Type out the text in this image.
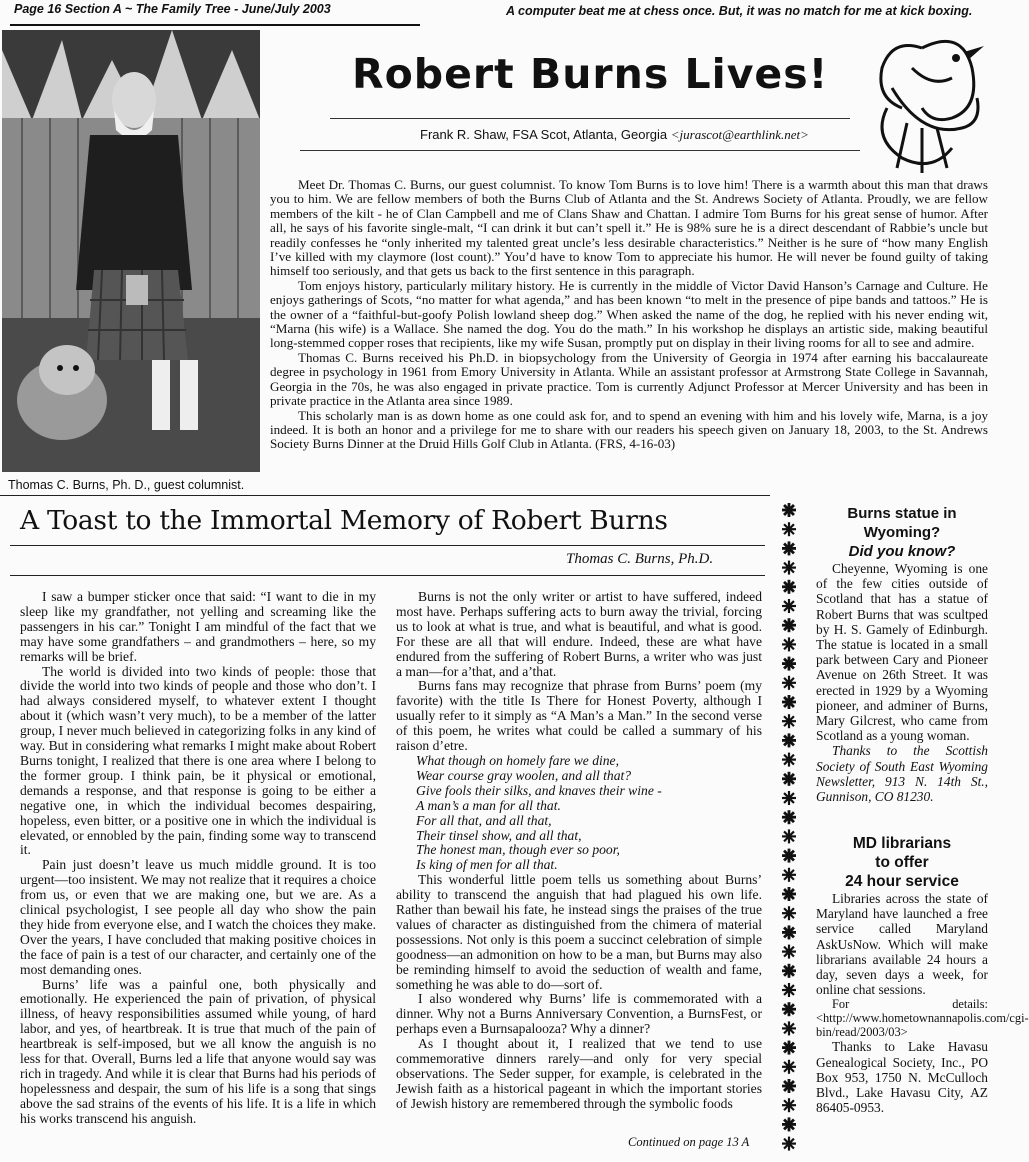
Page 16 Section A ~ The Family Tree - June/July 2003	A computer beat me at chess once. But, it was no match for me at kick boxing.
Thomas C. Burns, Ph. D., guest columnist.
Robert Burns Lives!
Frank R. Shaw, FSA Scot, Atlanta, Georgia <jurascot@earthlink.net>

Meet Dr. Thomas C. Burns, our guest columnist. To know Tom Burns is to love him! There is a warmth about this man that draws you to him. We are fellow members of both the Burns Club of Atlanta and the St. Andrews Society of Atlanta. Proudly, we are fellow members of the kilt - he of Clan Campbell and me of Clans Shaw and Chattan. I admire Tom Burns for his great sense of humor. After all, he says of his favorite single-malt, “I can drink it but can’t spell it.” He is 98% sure he is a direct descendant of Rabbie’s uncle but readily confesses he “only inherited my talented great uncle’s less desirable characteristics.” Neither is he sure of “how many English I’ve killed with my claymore (lost count).” You’d have to know Tom to appreciate his humor. He will never be found guilty of taking himself too seriously, and that gets us back to the first sentence in this paragraph.

Tom enjoys history, particularly military history. He is currently in the middle of Victor David Hanson’s Carnage and Culture. He enjoys gatherings of Scots, “no matter for what agenda,” and has been known “to melt in the presence of pipe bands and tattoos.” He is the owner of a “faithful-but-goofy Polish lowland sheep dog.” When asked the name of the dog, he replied with his never ending wit, “Marna (his wife) is a Wallace. She named the dog. You do the math.” In his workshop he displays an artistic side, making beautiful long-stemmed copper roses that recipients, like my wife Susan, promptly put on display in their living rooms for all to see and admire.

Thomas C. Burns received his Ph.D. in biopsychology from the University of Georgia in 1974 after earning his baccalaureate degree in psychology in 1961 from Emory University in Atlanta. While an assistant professor at Armstrong State College in Savannah, Georgia in the 70s, he was also engaged in private practice. Tom is currently Adjunct Professor at Mercer University and has been in private practice in the Atlanta area since 1989.

This scholarly man is as down home as one could ask for, and to spend an evening with him and his lovely wife, Marna, is a joy indeed. It is both an honor and a privilege for me to share with our readers his speech given on January 18, 2003, to the St. Andrews Society Burns Dinner at the Druid Hills Golf Club in Atlanta. (FRS, 4-16-03)

A Toast to the Immortal Memory of Robert Burns
Thomas C. Burns, Ph.D.

I saw a bumper sticker once that said: “I want to die in my sleep like my grandfather, not yelling and screaming like the passengers in his car.” Tonight I am mindful of the fact that we may have some grandfathers – and grandmothers – here, so my remarks will be brief.

The world is divided into two kinds of people: those that divide the world into two kinds of people and those who don’t. I had always considered myself, to whatever extent I thought about it (which wasn’t very much), to be a member of the latter group, I never much believed in categorizing folks in any kind of way. But in considering what remarks I might make about Robert Burns tonight, I realized that there is one area where I belong to the former group. I think pain, be it physical or emotional, demands a response, and that response is going to be either a negative one, in which the individual becomes despairing, hopeless, even bitter, or a positive one in which the individual is elevated, or ennobled by the pain, finding some way to transcend it.

Pain just doesn’t leave us much middle ground. It is too urgent—too insistent. We may not realize that it requires a choice from us, or even that we are making one, but we are. As a clinical psychologist, I see people all day who show the pain they hide from everyone else, and I watch the choices they make. Over the years, I have concluded that making positive choices in the face of pain is a test of our character, and certainly one of the most demanding ones.

Burns’ life was a painful one, both physically and emotionally. He experienced the pain of privation, of physical illness, of heavy responsibilities assumed while young, of hard labor, and yes, of heartbreak. It is true that much of the pain of heartbreak is self-imposed, but we all know the anguish is no less for that. Overall, Burns led a life that anyone would say was rich in tragedy. And while it is clear that Burns had his periods of hopelessness and despair, the sum of his life is a song that sings above the sad strains of the events of his life. It is a life in which his works transcend his anguish.

Burns is not the only writer or artist to have suffered, indeed most have. Perhaps suffering acts to burn away the trivial, forcing us to look at what is true, and what is beautiful, and what is good. For these are all that will endure. Indeed, these are what have endured from the suffering of Robert Burns, a writer who was just a man—for a’that, and a’that.

Burns fans may recognize that phrase from Burns’ poem (my favorite) with the title Is There for Honest Poverty, although I usually refer to it simply as “A Man’s a Man.” In the second verse of this poem, he writes what could be called a summary of his raison d’etre.

What though on homely fare we dine,

Wear course gray woolen, and all that?

Give fools their silks, and knaves their wine -

A man’s a man for all that.

For all that, and all that,

Their tinsel show, and all that,

The honest man, though ever so poor,

Is king of men for all that.

This wonderful little poem tells us something about Burns’ ability to transcend the anguish that had plagued his own life. Rather than bewail his fate, he instead sings the praises of the true values of character as distinguished from the chimera of material possessions. Not only is this poem a succinct celebration of simple goodness—an admonition on how to be a man, but Burns may also be reminding himself to avoid the seduction of wealth and fame, something he was able to do—sort of.

I also wondered why Burns’ life is commemorated with a dinner. Why not a Burns Anniversary Convention, a BurnsFest, or perhaps even a Burnsapalooza? Why a dinner?

As I thought about it, I realized that we tend to use commemorative dinners rarely—and only for very special observations. The Seder supper, for example, is celebrated in the Jewish faith as a historical pageant in which the important stories of Jewish history are remembered through the symbolic foods

Continued on page 13 A
Burns statue in
Wyoming?
Did you know?

Cheyenne, Wyoming is one of the few cities outside of Scotland that has a statue of Robert Burns that was scultped by H. S. Gamely of Edinburgh. The statue is located in a small park between Cary and Pioneer Avenue on 26th Street. It was erected in 1929 by a Wyoming pioneer, and adminer of Burns, Mary Gilcrest, who came from Scotland as a young woman.

Thanks to the Scottish Society of South East Wyoming Newsletter, 913 N. 14th St., Gunnison, CO 81230.

MD librarians
to offer
24 hour service

Libraries across the state of Maryland have launched a free service called Maryland AskUsNow. Which will make librarians available 24 hours a day, seven days a week, for online chat sessions.

For details: <http://www.hometownannapolis.com/cgi-bin/read/2003/03>

Thanks to Lake Havasu Genealogical Society, Inc., PO Box 953, 1750 N. McCulloch Blvd., Lake Havasu City, AZ 86405-0953.
